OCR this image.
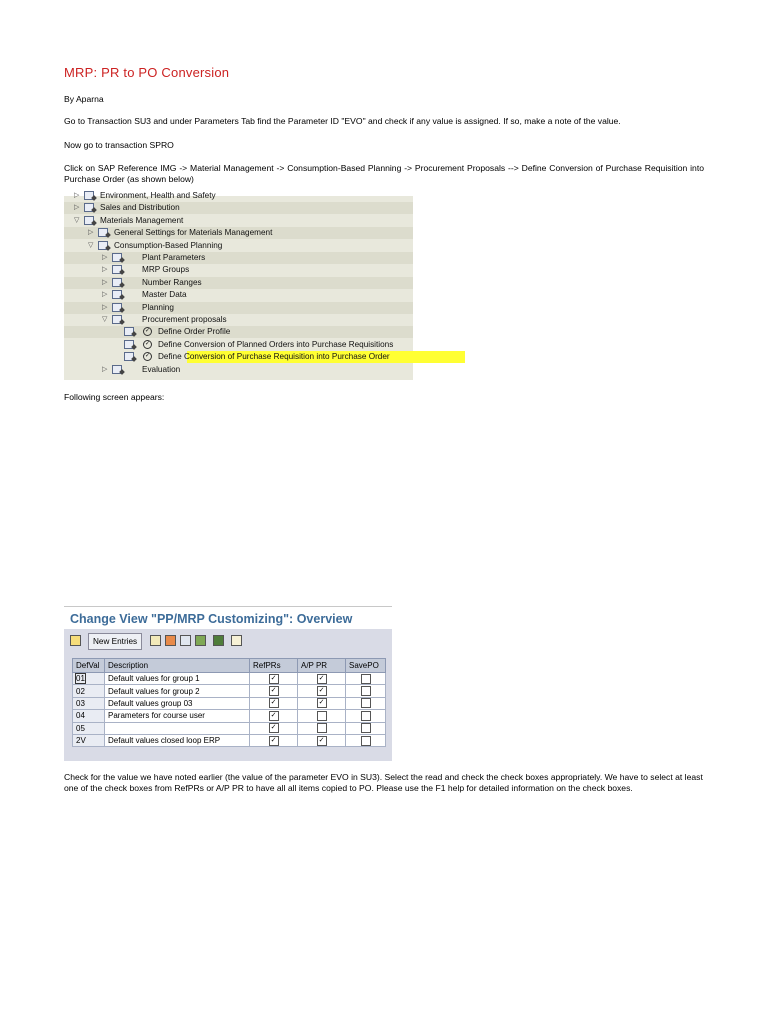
MRP: PR to PO Conversion
By Aparna
Go to Transaction SU3 and under Parameters Tab find the Parameter ID "EVO" and check if any value is assigned. If so, make a note of the value.
Now go to transaction SPRO
Click on SAP Reference IMG -> Material Management -> Consumption-Based Planning -> Procurement Proposals --> Define Conversion of Purchase Requisition into Purchase Order (as shown below)
▷	Environment, Health and Safety
▷	Sales and Distribution
▽	Materials Management
▷	General Settings for Materials Management
▽	Consumption-Based Planning
▷	Plant Parameters
▷	MRP Groups
▷	Number Ranges
▷	Master Data
▷	Planning
▽	Procurement proposals
✓ Define Order Profile
✓ Define Conversion of Planned Orders into Purchase Requisitions
✓ Define Conversion of Purchase Requisition into Purchase Order
▷	Evaluation
Following screen appears:
Change View "PP/MRP Customizing": Overview
New Entries
DefVal	Description	RefPRs	A/P PR	SavePO
01	Default values for group 1	✓	✓	
02	Default values for group 2	✓	✓	
03	Default values group 03	✓	✓	
04	Parameters for course user	✓		
05		✓		
2V	Default values closed loop ERP	✓	✓	
Check for the value we have noted earlier (the value of the parameter EVO in SU3). Select the read and check the check boxes appropriately. We have to select at least one of the check boxes from RefPRs or A/P PR to have all all items copied to PO. Please use the F1 help for detailed information on the check boxes.
